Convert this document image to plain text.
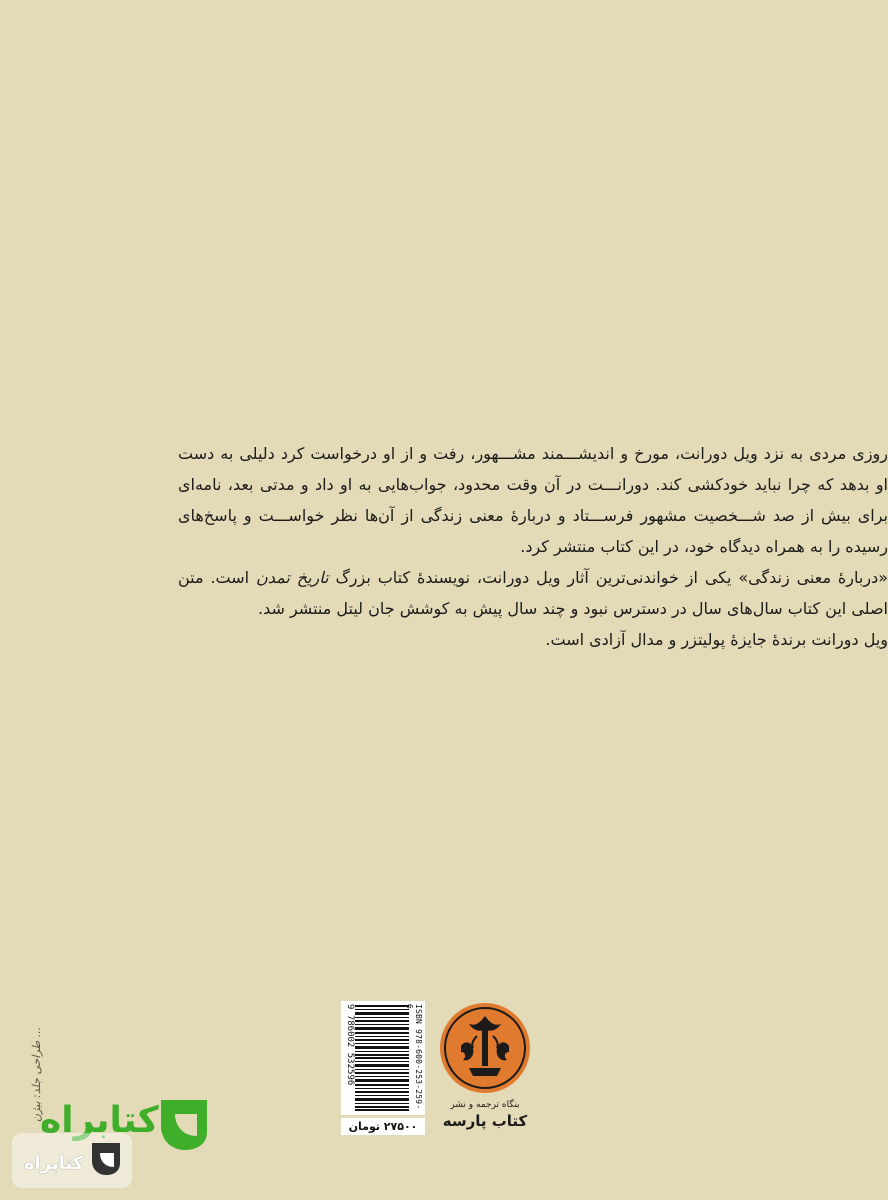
روزی مردی به نزد ویل دورانت، مورخ و اندیشـــمند مشـــهور، رفت و از او درخواست کرد دلیلی به دست او بدهد که چرا نباید خودکشی کند. دورانـــت در آن وقت محدود، جواب‌هایی به او داد و مدتی بعد، نامه‌ای برای بیش از صد شـــخصیت مشهور فرســـتاد و دربارهٔ معنی زندگی از آن‌ها نظر خواســـت و پاسخ‌های رسیده را به همراه دیدگاه خود، در این کتاب منتشر کرد.

«دربارهٔ معنی زندگی» یکی از خواندنی‌ترین آثار ویل دورانت، نویسندهٔ کتاب بزرگ تاریخ تمدن است. متن اصلی این کتاب سال‌های سال در دسترس نبود و چند سال پیش به کوشش جان لیتل منتشر شد.

ویل دورانت برندهٔ جایزهٔ پولیتزر و مدال آزادی است.

بنگاه ترجمه و نشر
کتاب پارسه
9 786002 532596	ISBN 978-600-253-259-6
۲۷۵۰۰ تومان
طراحی جلد: بیژن ...
کتابراه
کتابراه
